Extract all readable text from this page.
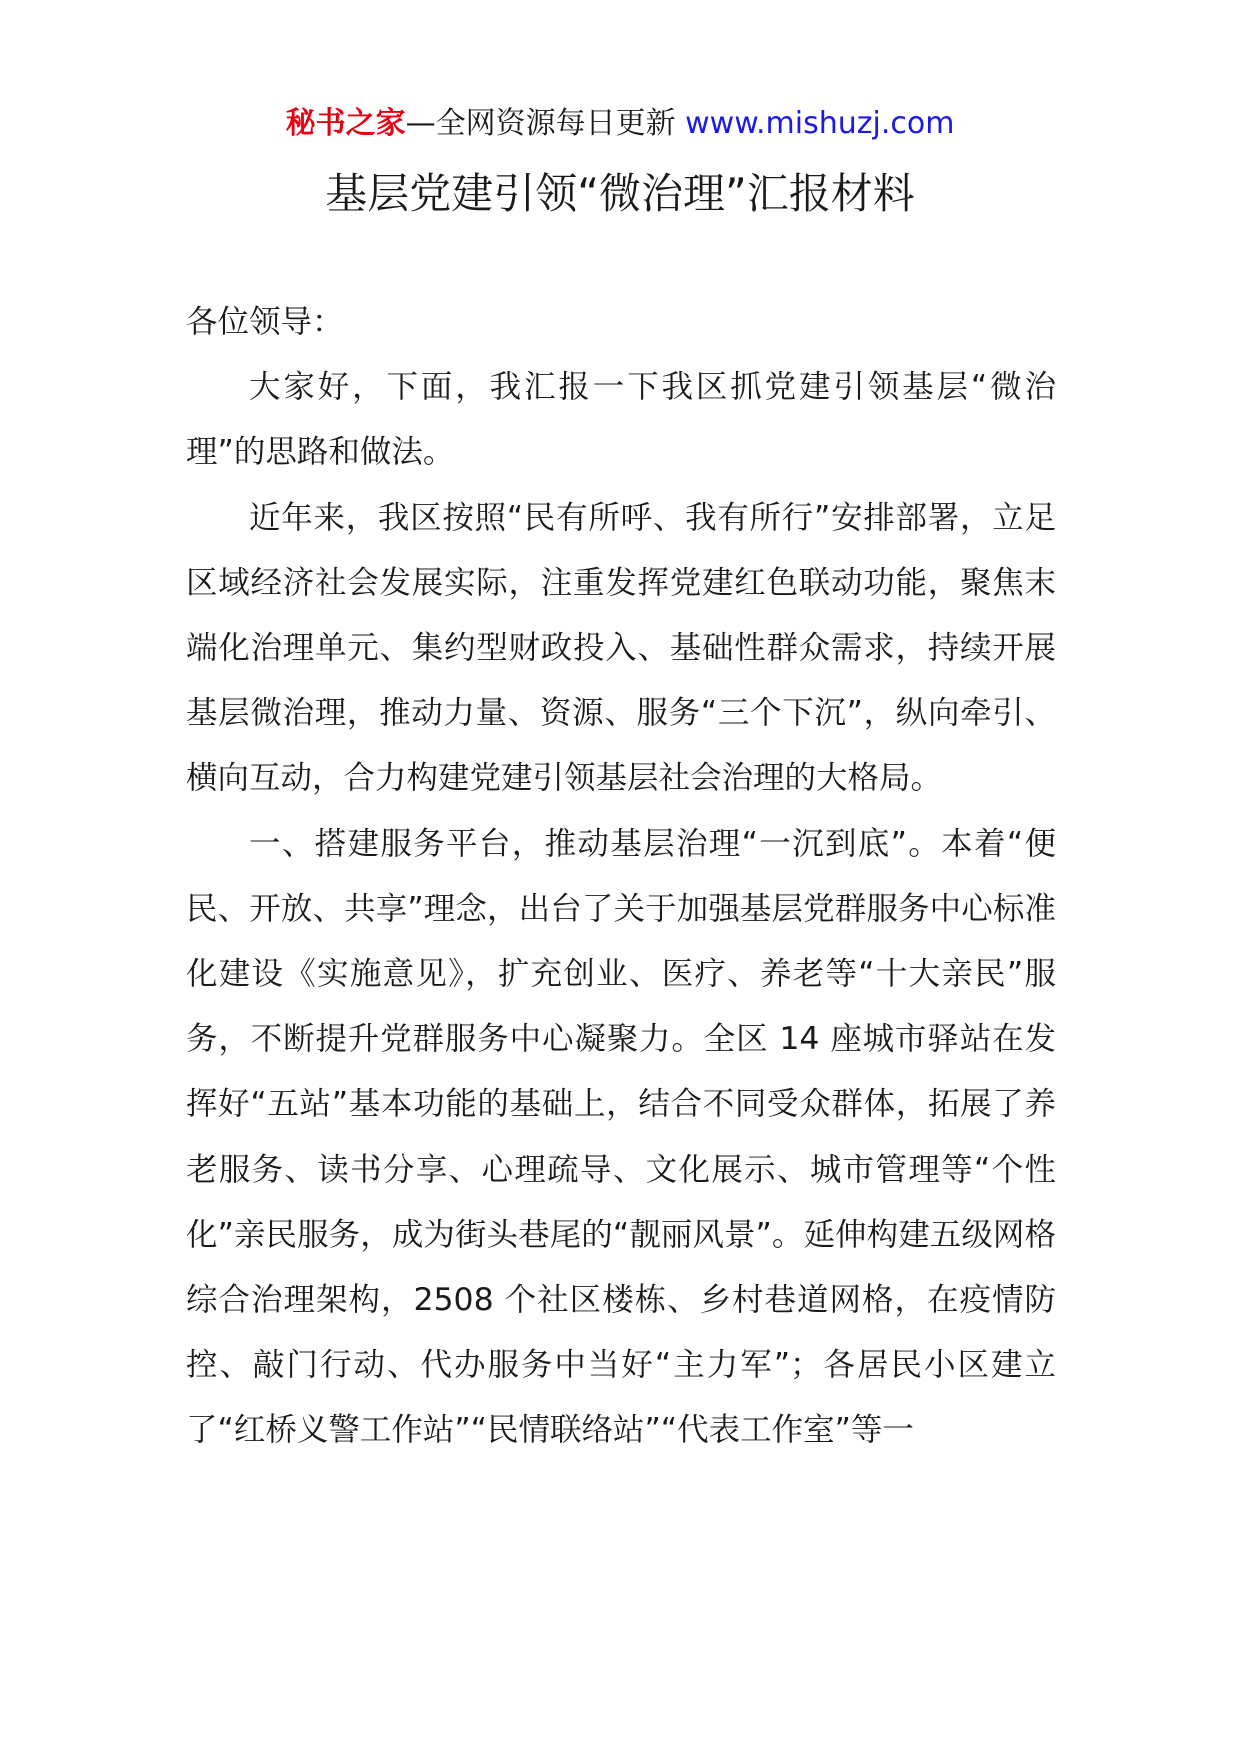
秘书之家—全网资源每日更新 www.mishuzj.com
基层党建引领“微治理”汇报材料

各位领导：

大家好，下面，我汇报一下我区抓党建引领基层“微治理”的思路和做法。

近年来，我区按照“民有所呼、我有所行”安排部署，立足区域经济社会发展实际，注重发挥党建红色联动功能，聚焦末端化治理单元、集约型财政投入、基础性群众需求，持续开展基层微治理，推动力量、资源、服务“三个下沉”，纵向牵引、横向互动，合力构建党建引领基层社会治理的大格局。

一、搭建服务平台，推动基层治理“一沉到底”。本着“便民、开放、共享”理念，出台了关于加强基层党群服务中心标准化建设《实施意见》，扩充创业、医疗、养老等“十大亲民”服务，不断提升党群服务中心凝聚力。全区 14 座城市驿站在发挥好“五站”基本功能的基础上，结合不同受众群体，拓展了养老服务、读书分享、心理疏导、文化展示、城市管理等“个性化”亲民服务，成为街头巷尾的“靓丽风景”。延伸构建五级网格综合治理架构，2508 个社区楼栋、乡村巷道网格，在疫情防控、敲门行动、代办服务中当好“主力军”；各居民小区建立了“红桥义警工作站”“民情联络站”“代表工作室”等一
